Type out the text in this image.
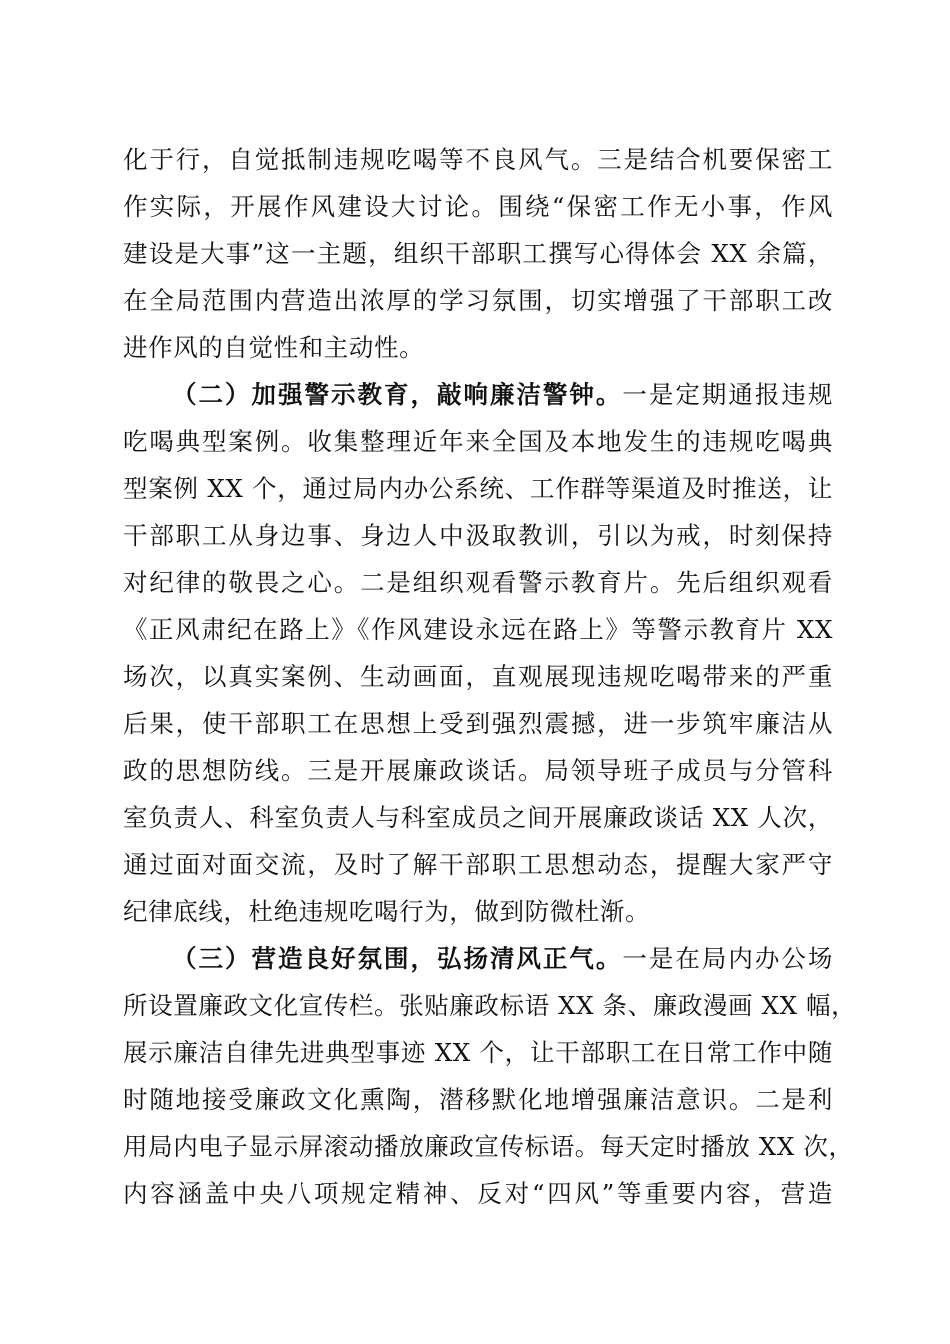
化于行，自觉抵制违规吃喝等不良风气。三是结合机要保密工
作实际，开展作风建设大讨论。围绕“保密工作无小事，作风
建设是大事”这一主题，组织干部职工撰写心得体会 XX 余篇，
在全局范围内营造出浓厚的学习氛围，切实增强了干部职工改
进作风的自觉性和主动性。
（二）加强警示教育，敲响廉洁警钟。一是定期通报违规
吃喝典型案例。收集整理近年来全国及本地发生的违规吃喝典
型案例 XX 个，通过局内办公系统、工作群等渠道及时推送，让
干部职工从身边事、身边人中汲取教训，引以为戒，时刻保持
对纪律的敬畏之心。二是组织观看警示教育片。先后组织观看
《正风肃纪在路上》《作风建设永远在路上》等警示教育片 XX
场次，以真实案例、生动画面，直观展现违规吃喝带来的严重
后果，使干部职工在思想上受到强烈震撼，进一步筑牢廉洁从
政的思想防线。三是开展廉政谈话。局领导班子成员与分管科
室负责人、科室负责人与科室成员之间开展廉政谈话 XX 人次，
通过面对面交流，及时了解干部职工思想动态，提醒大家严守
纪律底线，杜绝违规吃喝行为，做到防微杜渐。
（三）营造良好氛围，弘扬清风正气。一是在局内办公场
所设置廉政文化宣传栏。张贴廉政标语 XX 条、廉政漫画 XX 幅，
展示廉洁自律先进典型事迹 XX 个，让干部职工在日常工作中随
时随地接受廉政文化熏陶，潜移默化地增强廉洁意识。二是利
用局内电子显示屏滚动播放廉政宣传标语。每天定时播放 XX 次，
内容涵盖中央八项规定精神、反对“四风”等重要内容，营造
